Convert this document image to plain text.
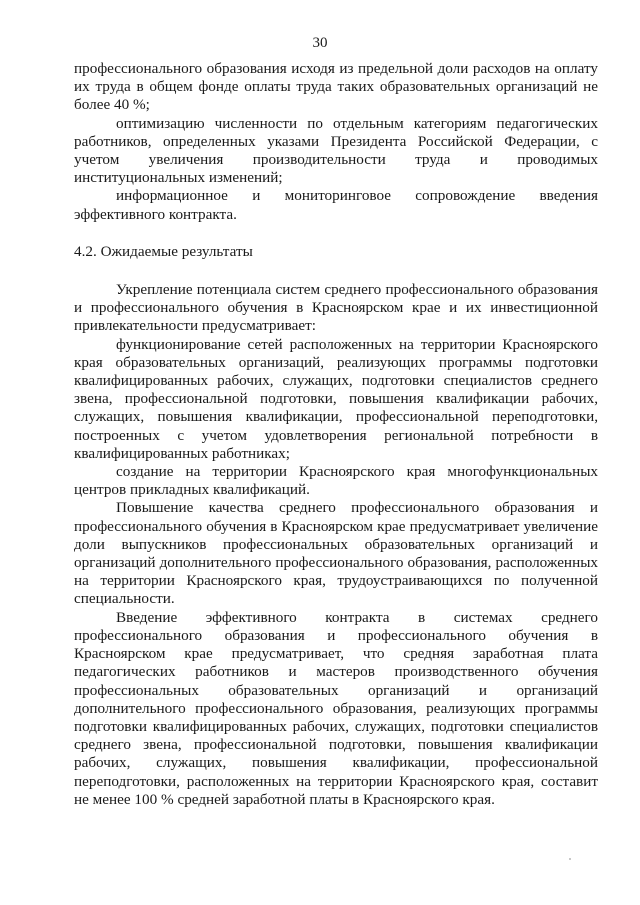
30

профессионального образования исходя из предельной доли расходов на оплату их труда в общем фонде оплаты труда таких образовательных организаций не более 40 %;

оптимизацию численности по отдельным категориям педагогических работников, определенных указами Президента Российской Федерации, с учетом увеличения производительности труда и проводимых институциональных изменений;

информационное и мониторинговое сопровождение введения эффективного контракта.

4.2. Ожидаемые результаты

Укрепление потенциала систем среднего профессионального образования и профессионального обучения в Красноярском крае и их инвестиционной привлекательности предусматривает:

функционирование сетей расположенных на территории Красноярского края образовательных организаций, реализующих программы подготовки квалифицированных рабочих, служащих, подготовки специалистов среднего звена, профессиональной подготовки, повышения квалификации рабочих, служащих, повышения квалификации, профессиональной переподготовки, построенных с учетом удовлетворения региональной потребности в квалифицированных работниках;

создание на территории Красноярского края многофункциональных центров прикладных квалификаций.

Повышение качества среднего профессионального образования и профессионального обучения в Красноярском крае предусматривает увеличение доли выпускников профессиональных образовательных организаций и организаций дополнительного профессионального образования, расположенных на территории Красноярского края, трудоустраивающихся по полученной специальности.

Введение эффективного контракта в системах среднего профессионального образования и профессионального обучения в Красноярском крае предусматривает, что средняя заработная плата педагогических работников и мастеров производственного обучения профессиональных образовательных организаций и организаций дополнительного профессионального образования, реализующих программы подготовки квалифицированных рабочих, служащих, подготовки специалистов среднего звена, профессиональной подготовки, повышения квалификации рабочих, служащих, повышения квалификации, профессиональной переподготовки, расположенных на территории Красноярского края, составит не менее 100 % средней заработной платы в Красноярского края.
